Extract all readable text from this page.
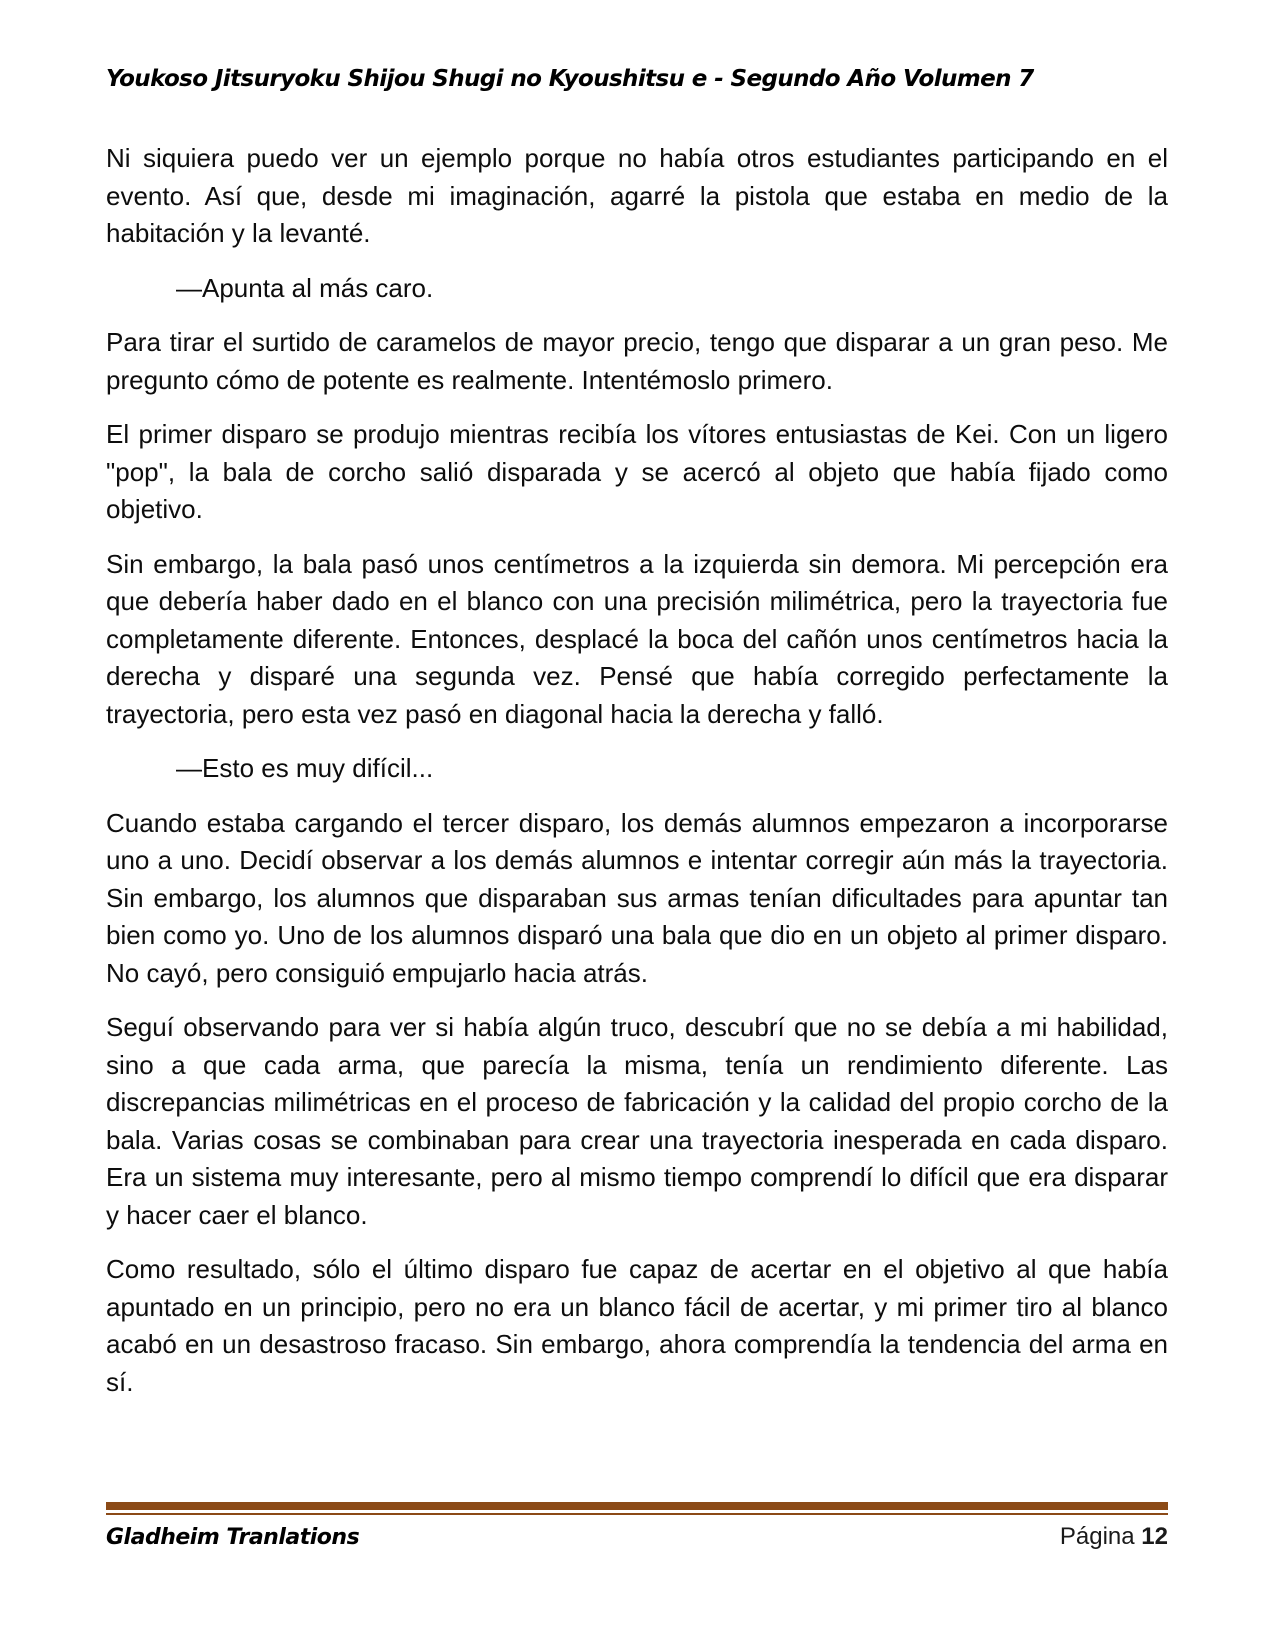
Youkoso Jitsuryoku Shijou Shugi no Kyoushitsu e - Segundo Año Volumen 7

Ni siquiera puedo ver un ejemplo porque no había otros estudiantes participando en el evento. Así que, desde mi imaginación, agarré la pistola que estaba en medio de la habitación y la levanté.

—Apunta al más caro.

Para tirar el surtido de caramelos de mayor precio, tengo que disparar a un gran peso. Me pregunto cómo de potente es realmente. Intentémoslo primero.

El primer disparo se produjo mientras recibía los vítores entusiastas de Kei. Con un ligero "pop", la bala de corcho salió disparada y se acercó al objeto que había fijado como objetivo.

Sin embargo, la bala pasó unos centímetros a la izquierda sin demora. Mi percepción era que debería haber dado en el blanco con una precisión milimétrica, pero la trayectoria fue completamente diferente. Entonces, desplacé la boca del cañón unos centímetros hacia la derecha y disparé una segunda vez. Pensé que había corregido perfectamente la trayectoria, pero esta vez pasó en diagonal hacia la derecha y falló.

—Esto es muy difícil...

Cuando estaba cargando el tercer disparo, los demás alumnos empezaron a incorporarse uno a uno. Decidí observar a los demás alumnos e intentar corregir aún más la trayectoria. Sin embargo, los alumnos que disparaban sus armas tenían dificultades para apuntar tan bien como yo. Uno de los alumnos disparó una bala que dio en un objeto al primer disparo. No cayó, pero consiguió empujarlo hacia atrás.

Seguí observando para ver si había algún truco, descubrí que no se debía a mi habilidad, sino a que cada arma, que parecía la misma, tenía un rendimiento diferente. Las discrepancias milimétricas en el proceso de fabricación y la calidad del propio corcho de la bala. Varias cosas se combinaban para crear una trayectoria inesperada en cada disparo. Era un sistema muy interesante, pero al mismo tiempo comprendí lo difícil que era disparar y hacer caer el blanco.

Como resultado, sólo el último disparo fue capaz de acertar en el objetivo al que había apuntado en un principio, pero no era un blanco fácil de acertar, y mi primer tiro al blanco acabó en un desastroso fracaso. Sin embargo, ahora comprendía la tendencia del arma en sí.

Gladheim Tranlations	Página 12
